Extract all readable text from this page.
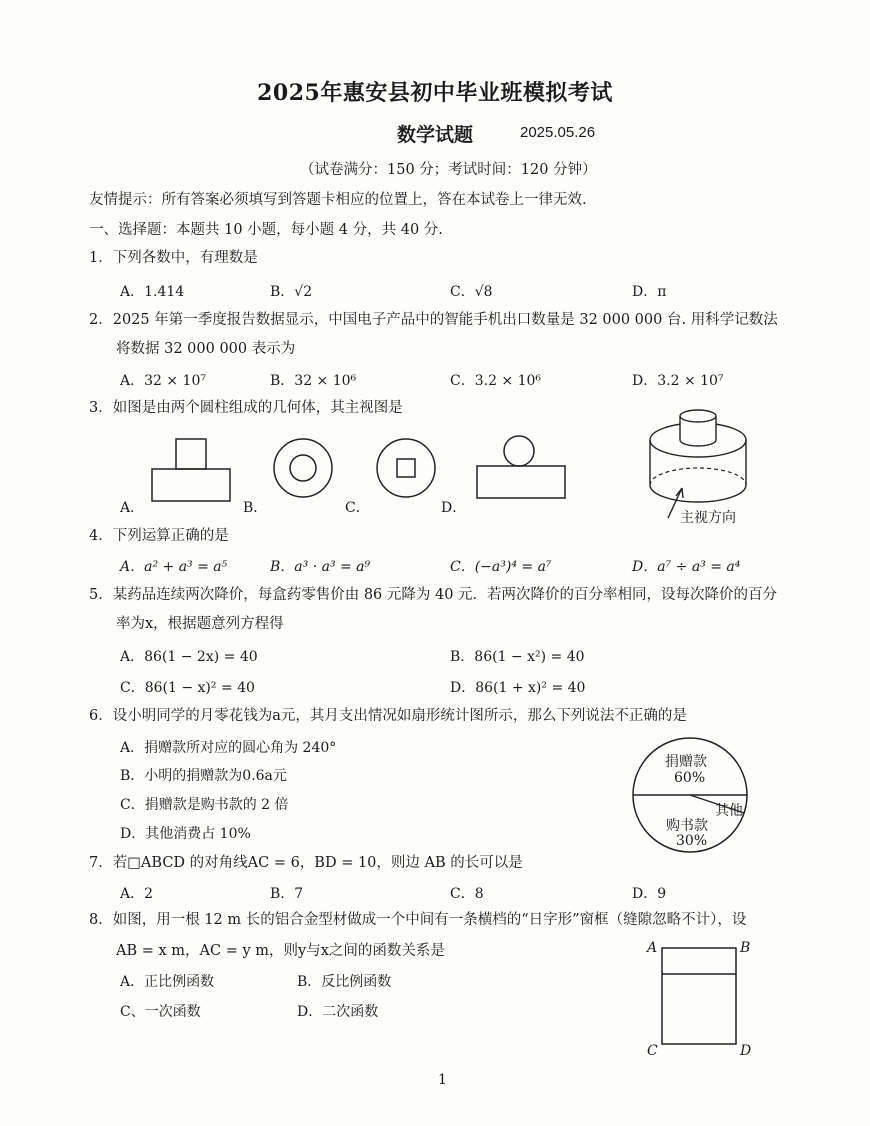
2025年惠安县初中毕业班模拟考试
数学试题	2025.05.26
（试卷满分：150 分；考试时间：120 分钟）
友情提示：所有答案必须填写到答题卡相应的位置上，答在本试卷上一律无效.
一、选择题：本题共 10 小题，每小题 4 分，共 40 分.
1．下列各数中，有理数是
A．1.414	B．√2	C．√8	D．π
2．2025 年第一季度报告数据显示，中国电子产品中的智能手机出口数量是 32 000 000 台. 用科学记数法
将数据 32 000 000 表示为
A．32 × 10⁷	B．32 × 10⁶	C．3.2 × 10⁶	D．3.2 × 10⁷
3．如图是由两个圆柱组成的几何体，其主视图是
A．	B．	C．	D．
主视方向
4．下列运算正确的是
A．a² + a³ = a⁵	B．a³ · a³ = a⁹	C．(−a³)⁴ = a⁷	D．a⁷ ÷ a³ = a⁴
5．某药品连续两次降价，每盒药零售价由 86 元降为 40 元．若两次降价的百分率相同，设每次降价的百分
率为x，根据题意列方程得
A．86(1 − 2x) = 40	B．86(1 − x²) = 40
C．86(1 − x)² = 40	D．86(1 + x)² = 40
6．设小明同学的月零花钱为a元，其月支出情况如扇形统计图所示，那么下列说法不正确的是
A．捐赠款所对应的圆心角为 240°
B．小明的捐赠款为0.6a元
C．捐赠款是购书款的 2 倍
D．其他消费占 10%
捐赠款
60%
购书款
30%
其他
7．若□ABCD 的对角线AC = 6，BD = 10，则边 AB 的长可以是
A．2	B．7	C．8	D．9
8．如图，用一根 12 m 长的铝合金型材做成一个中间有一条横档的“日字形”窗框（缝隙忽略不计），设
AB = x m，AC = y m，则y与x之间的函数关系是
A．正比例函数	B．反比例函数
C、一次函数	D．二次函数
A	B
C	D
1
